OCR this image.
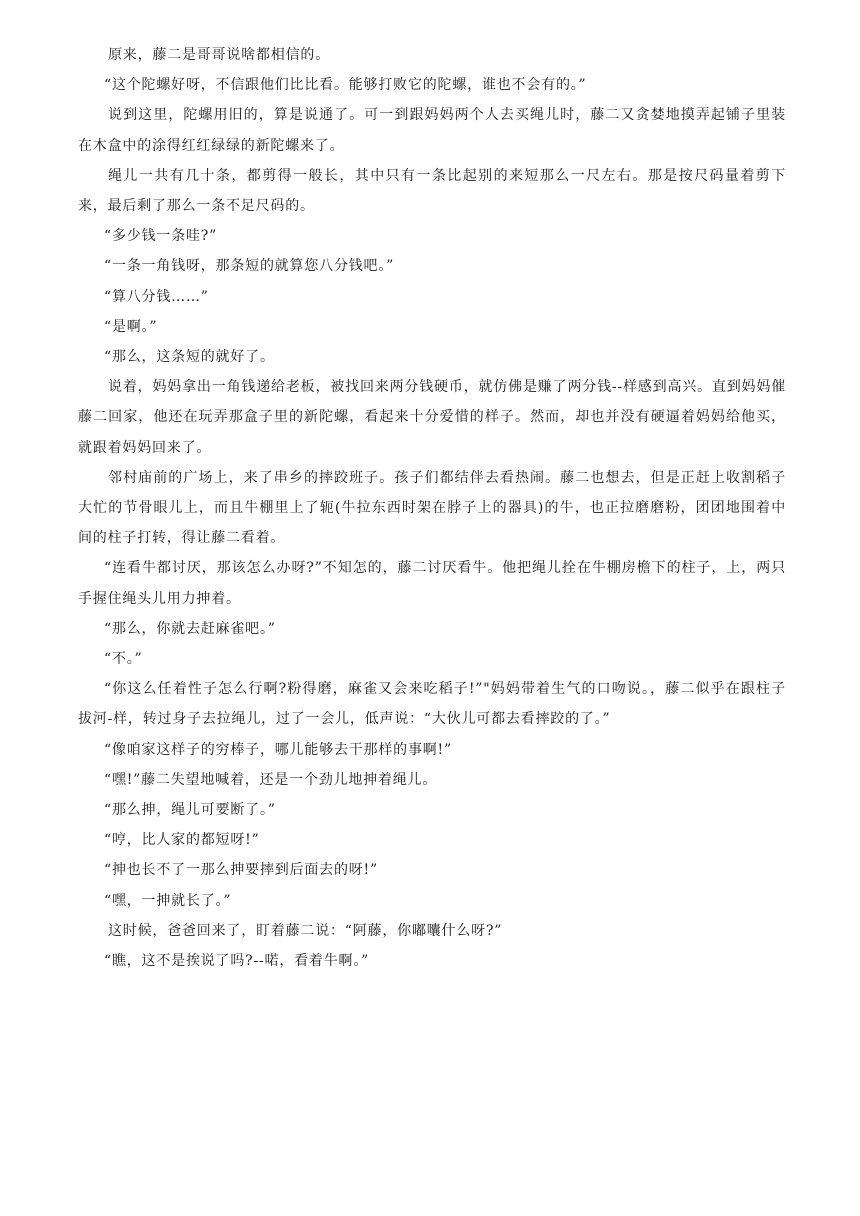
原来，藤二是哥哥说啥都相信的。

“这个陀螺好呀，不信跟他们比比看。能够打败它的陀螺，谁也不会有的。”

说到这里，陀螺用旧的，算是说通了。可一到跟妈妈两个人去买绳儿时，藤二又贪婪地摸弄起铺子里装在木盒中的涂得红红绿绿的新陀螺来了。

绳儿一共有几十条，都剪得一般长，其中只有一条比起别的来短那么一尺左右。那是按尺码量着剪下来，最后剩了那么一条不足尺码的。

“多少钱一条哇?”

“一条一角钱呀，那条短的就算您八分钱吧。”

“算八分钱……”

“是啊。”

“那么，这条短的就好了。

说着，妈妈拿出一角钱递给老板，被找回来两分钱硬币，就仿佛是赚了两分钱--样感到高兴。直到妈妈催藤二回家，他还在玩弄那盒子里的新陀螺，看起来十分爱惜的样子。然而，却也并没有硬逼着妈妈给他买，就跟着妈妈回来了。

邻村庙前的广场上，来了串乡的摔跤班子。孩子们都结伴去看热闹。藤二也想去，但是正赶上收割稻子大忙的节骨眼儿上，而且牛棚里上了轭(牛拉东西时架在脖子上的器具)的牛，也正拉磨磨粉，团团地围着中间的柱子打转，得让藤二看着。

“连看牛都讨厌，那该怎么办呀?”不知怎的，藤二讨厌看牛。他把绳儿拴在牛棚房檐下的柱子，上，两只手握住绳头儿用力抻着。

“那么，你就去赶麻雀吧。”

“不。”

“你这么任着性子怎么行啊?粉得磨，麻雀又会来吃稻子!”"妈妈带着生气的口吻说。，藤二似乎在跟柱子拔河-样，转过身子去拉绳儿，过了一会儿，低声说：“大伙儿可都去看摔跤的了。”

“像咱家这样子的穷棒子，哪儿能够去干那样的事啊!”

“嘿!”藤二失望地喊着，还是一个劲儿地抻着绳儿。

“那么抻，绳儿可要断了。”

“哼，比人家的都短呀!”

“抻也长不了一那么抻要摔到后面去的呀!”

“嘿，一抻就长了。”

这时候，爸爸回来了，盯着藤二说：“阿藤，你嘟囔什么呀?”

“瞧，这不是挨说了吗?--喏，看着牛啊。”
